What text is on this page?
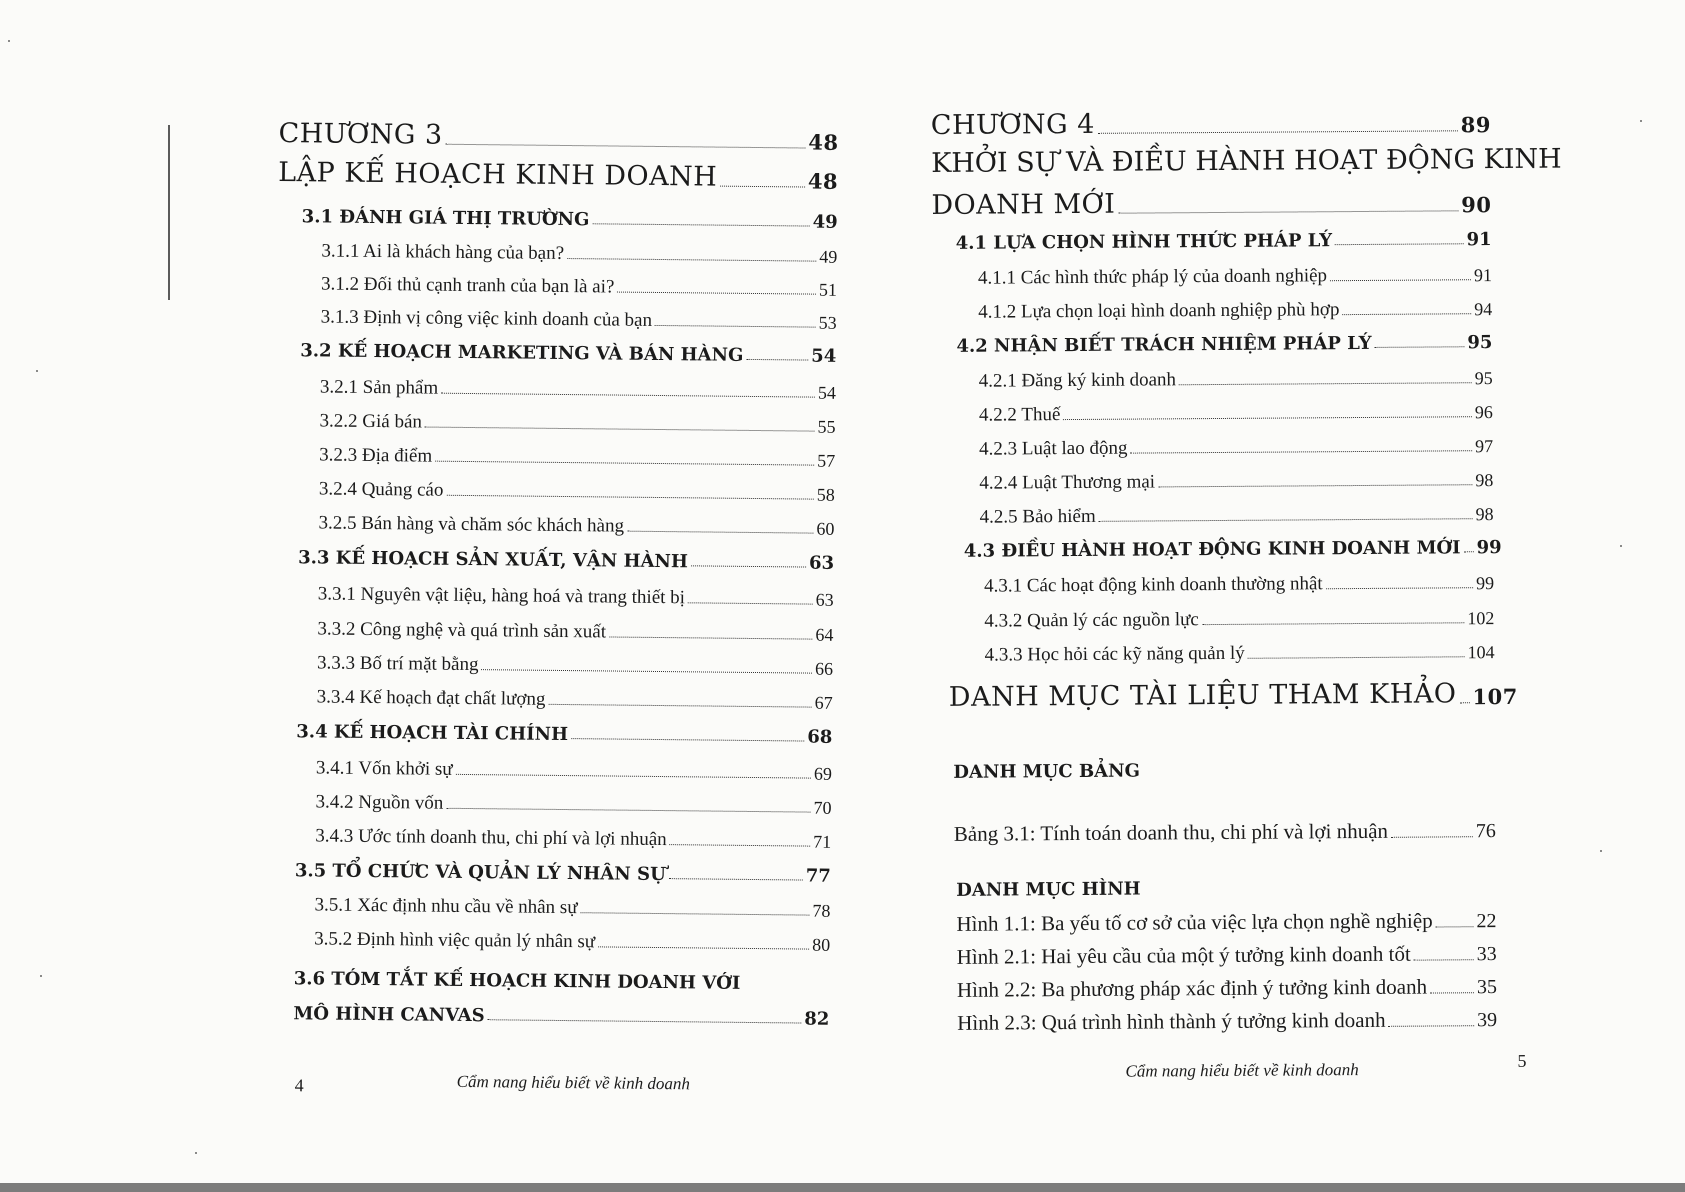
CHƯƠNG 3	48
LẬP KẾ HOẠCH KINH DOANH	48
3.1 ĐÁNH GIÁ THỊ TRƯỜNG	49
3.1.1 Ai là khách hàng của bạn?	49
3.1.2 Đối thủ cạnh tranh của bạn là ai?	51
3.1.3 Định vị công việc kinh doanh của bạn	53
3.2 KẾ HOẠCH MARKETING VÀ BÁN HÀNG	54
3.2.1 Sản phẩm	54
3.2.2 Giá bán	55
3.2.3 Địa điểm	57
3.2.4 Quảng cáo	58
3.2.5 Bán hàng và chăm sóc khách hàng	60
3.3 KẾ HOẠCH SẢN XUẤT, VẬN HÀNH	63
3.3.1 Nguyên vật liệu, hàng hoá và trang thiết bị	63
3.3.2 Công nghệ và quá trình sản xuất	64
3.3.3 Bố trí mặt bằng	66
3.3.4 Kế hoạch đạt chất lượng	67
3.4 KẾ HOẠCH TÀI CHÍNH	68
3.4.1 Vốn khởi sự	69
3.4.2 Nguồn vốn	70
3.4.3 Ước tính doanh thu, chi phí và lợi nhuận	71
3.5 TỔ CHỨC VÀ QUẢN LÝ NHÂN SỰ	77
3.5.1 Xác định nhu cầu về nhân sự	78
3.5.2 Định hình việc quản lý nhân sự	80
3.6 TÓM TẮT KẾ HOẠCH KINH DOANH VỚI
MÔ HÌNH CANVAS	82
4	Cẩm nang hiểu biết về kinh doanh
CHƯƠNG 4	89
KHỞI SỰ VÀ ĐIỀU HÀNH HOẠT ĐỘNG KINH
DOANH MỚI	90
4.1 LỰA CHỌN HÌNH THỨC PHÁP LÝ	91
4.1.1 Các hình thức pháp lý của doanh nghiệp	91
4.1.2 Lựa chọn loại hình doanh nghiệp phù hợp	94
4.2 NHẬN BIẾT TRÁCH NHIỆM PHÁP LÝ	95
4.2.1 Đăng ký kinh doanh	95
4.2.2 Thuế	96
4.2.3 Luật lao động	97
4.2.4 Luật Thương mại	98
4.2.5 Bảo hiểm	98
4.3 ĐIỀU HÀNH HOẠT ĐỘNG KINH DOANH MỚI 99
4.3.1 Các hoạt động kinh doanh thường nhật	99
4.3.2 Quản lý các nguồn lực	102
4.3.3 Học hỏi các kỹ năng quản lý	104
DANH MỤC TÀI LIỆU THAM KHẢO 107
DANH MỤC BẢNG
Bảng 3.1: Tính toán doanh thu, chi phí và lợi nhuận	76
DANH MỤC HÌNH
Hình 1.1: Ba yếu tố cơ sở của việc lựa chọn nghề nghiệp 22
Hình 2.1: Hai yêu cầu của một ý tưởng kinh doanh tốt	33
Hình 2.2: Ba phương pháp xác định ý tưởng kinh doanh 35
Hình 2.3: Quá trình hình thành ý tưởng kinh doanh	39
Cẩm nang hiểu biết về kinh doanh	5
